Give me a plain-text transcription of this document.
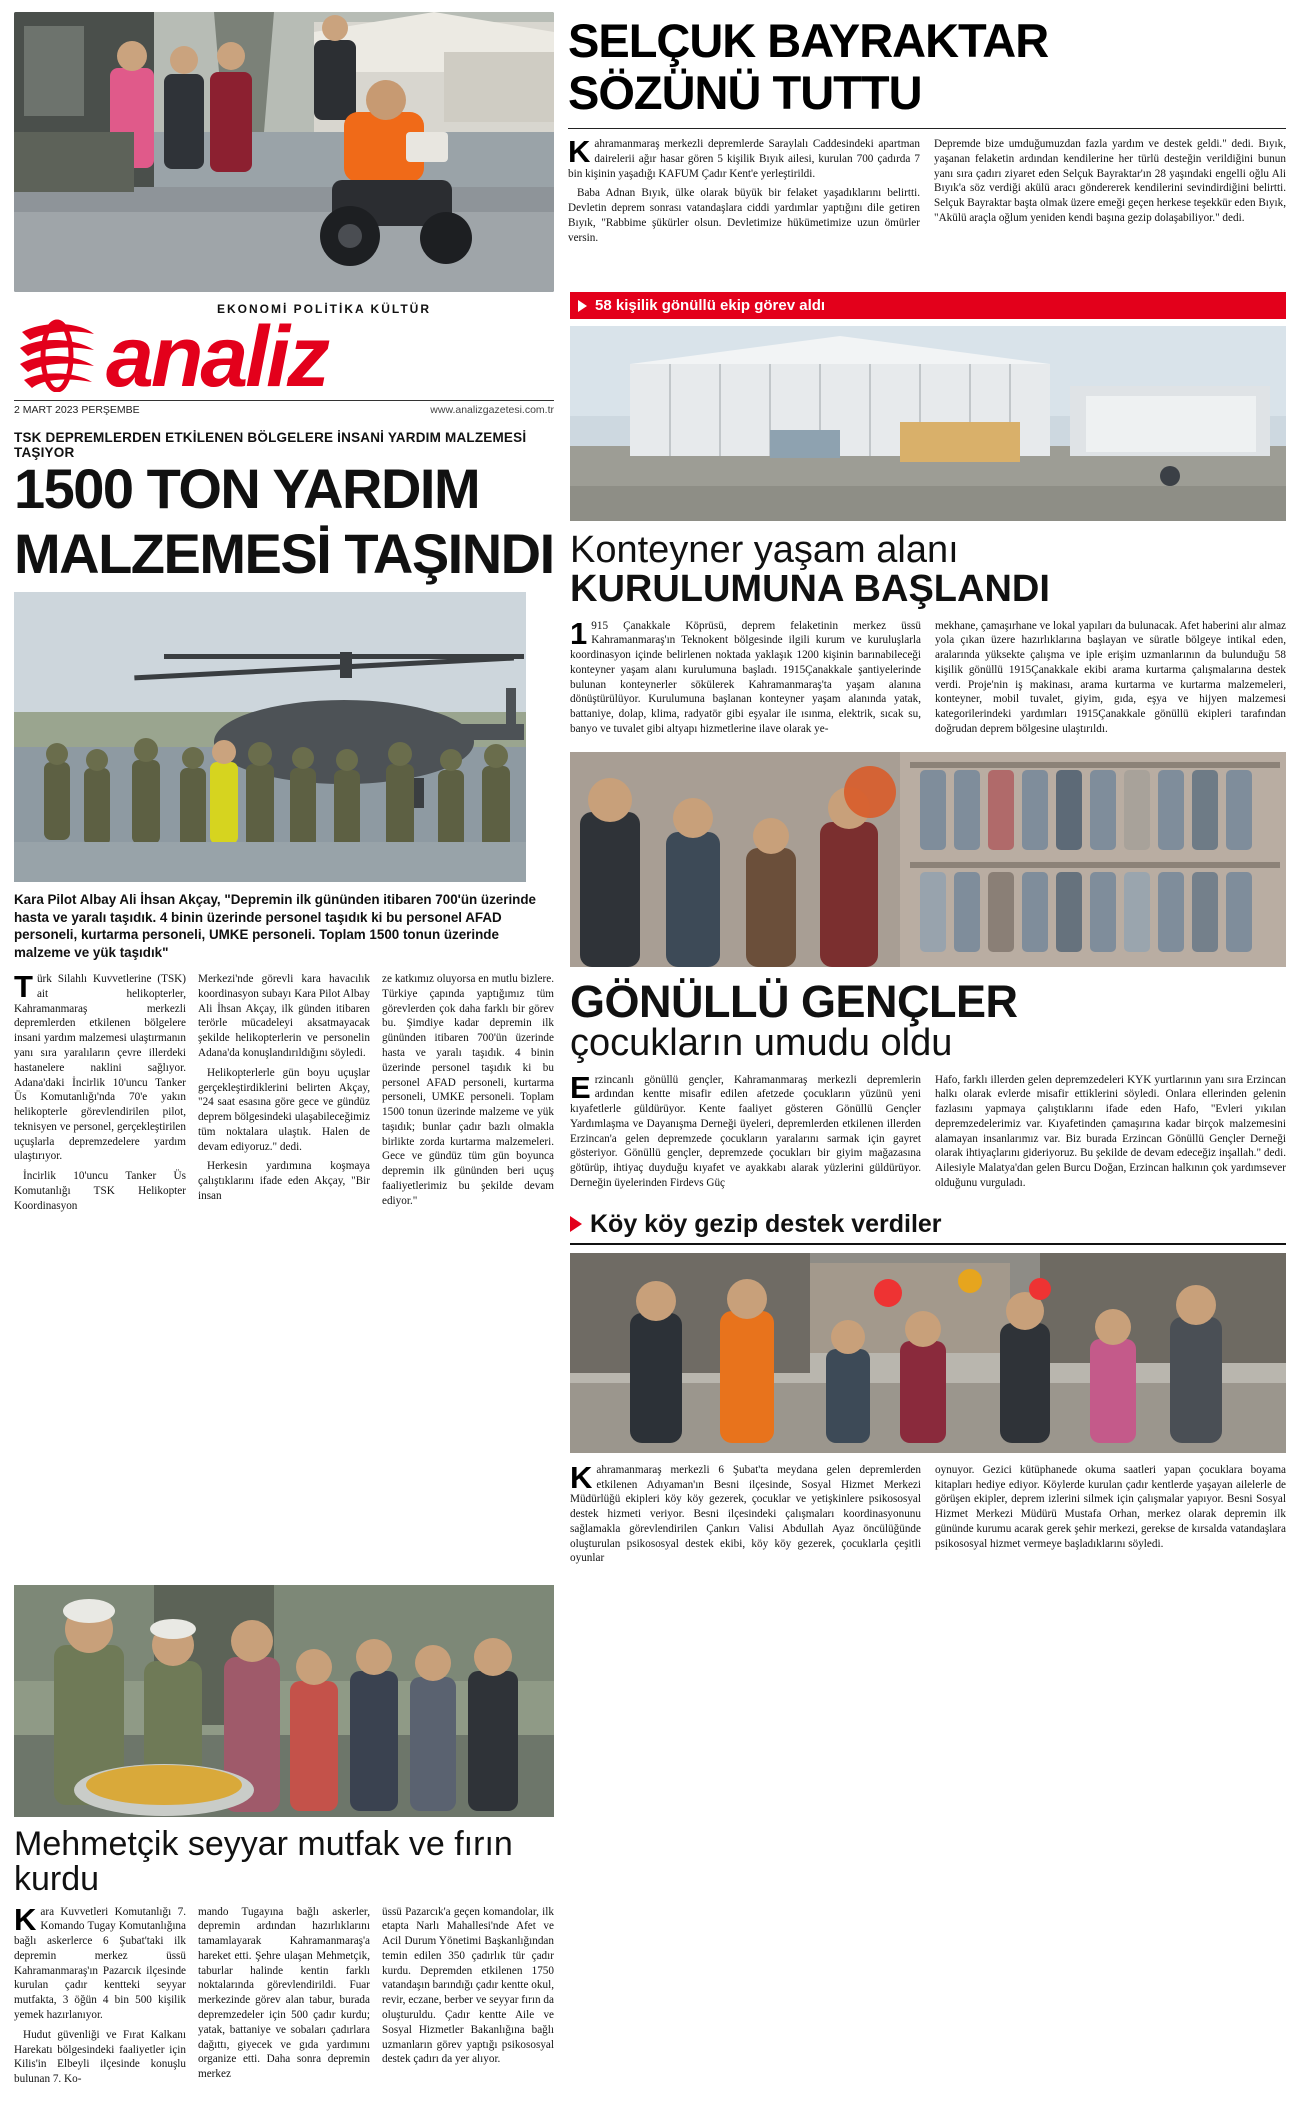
SELÇUK BAYRAKTAR
SÖZÜNÜ TUTTU

Kahramanmaraş merkezli depremlerde Saraylalı Caddesindeki apartman dairelerii ağır hasar gören 5 kişilik Bıyık ailesi, kurulan 700 çadırda 7 bin kişinin yaşadığı KAFUM Çadır Kent'e yerleştirildi.

Baba Adnan Bıyık, ülke olarak büyük bir felaket yaşadıklarını belirtti. Devletin deprem sonrası vatandaşlara ciddi yardımlar yaptığını dile getiren Bıyık, "Rabbime şükürler olsun. Devletimize hükümetimize uzun ömürler versin.

Depremde bize umduğumuzdan fazla yardım ve destek geldi." dedi. Bıyık, yaşanan felaketin ardından kendilerine her türlü desteğin verildiğini bunun yanı sıra çadırı ziyaret eden Selçuk Bayraktar'ın 28 yaşındaki engelli oğlu Ali Bıyık'a söz verdiği akülü aracı göndererek kendilerini sevindirdiğini belirtti. Selçuk Bayraktar başta olmak üzere emeği geçen herkese teşekkür eden Bıyık, "Akülü araçla oğlum yeniden kendi başına gezip dolaşabiliyor." dedi.

EKONOMİ POLİTİKA KÜLTÜR
analiz
2 MART 2023 PERŞEMBE	www.analizgazetesi.com.tr
TSK DEPREMLERDEN ETKİLENEN BÖLGELERE İNSANİ YARDIM MALZEMESİ TAŞIYOR
1500 TON YARDIM
MALZEMESİ TAŞINDI
Kara Pilot Albay Ali İhsan Akçay, "Depremin ilk gününden itibaren 700'ün üzerinde hasta ve yaralı taşıdık. 4 binin üzerinde personel taşıdık ki bu personel AFAD personeli, kurtarma personeli, UMKE personeli. Toplam 1500 tonun üzerinde malzeme ve yük taşıdık"

Türk Silahlı Kuvvetlerine (TSK) ait helikopterler, Kahramanmaraş merkezli depremlerden etkilenen bölgelere insani yardım malzemesi ulaştırmanın yanı sıra yaralıların çevre illerdeki hastanelere naklini sağlıyor. Adana'daki İncirlik 10'uncu Tanker Üs Komutanlığı'nda 70'e yakın helikopterle görevlendirilen pilot, teknisyen ve personel, gerçekleştirilen uçuşlarla depremzedelere yardım ulaştırıyor.

İncirlik 10'uncu Tanker Üs Komutanlığı TSK Helikopter Koordinasyon

Merkezi'nde görevli kara havacılık koordinasyon subayı Kara Pilot Albay Ali İhsan Akçay, ilk günden itibaren terörle mücadeleyi aksatmayacak şekilde helikopterlerin ve personelin Adana'da konuşlandırıldığını söyledi.

Helikopterlerle gün boyu uçuşlar gerçekleştirdiklerini belirten Akçay, "24 saat esasına göre gece ve gündüz deprem bölgesindeki ulaşabileceğimiz tüm noktalara ulaştık. Halen de devam ediyoruz." dedi.

Herkesin yardımına koşmaya çalıştıklarını ifade eden Akçay, "Bir insan

ze katkımız oluyorsa en mutlu bizlere. Türkiye çapında yaptığımız tüm görevlerden çok daha farklı bir görev bu. Şimdiye kadar depremin ilk gününden itibaren 700'ün üzerinde hasta ve yaralı taşıdık. 4 binin üzerinde personel taşıdık ki bu personel AFAD personeli, kurtarma personeli, UMKE personeli. Toplam 1500 tonun üzerinde malzeme ve yük taşıdık; bunlar çadır bazlı olmakla birlikte zorda kurtarma malzemeleri. Gece ve gündüz tüm gün boyunca depremin ilk gününden beri uçuş faaliyetlerimiz bu şekilde devam ediyor."

58 kişilik gönüllü ekip görev aldı
Konteyner yaşam alanı
KURULUMUNA BAŞLANDI

1 915 Çanakkale Köprüsü, deprem felaketinin merkez üssü Kahramanmaraş'ın Teknokent bölgesinde ilgili kurum ve kuruluşlarla koordinasyon içinde belirlenen noktada yaklaşık 1200 kişinin barınabileceği konteyner yaşam alanı kurulumuna başladı. 1915Çanakkale şantiyelerinde bulunan konteynerler sökülerek Kahramanmaraş'ta yaşam alanına dönüştürülüyor. Kurulumuna başlanan konteyner yaşam alanında yatak, battaniye, dolap, klima, radyatör gibi eşyalar ile ısınma, elektrik, sıcak su, banyo ve tuvalet gibi altyapı hizmetlerine ilave olarak ye-

mekhane, çamaşırhane ve lokal yapıları da bulunacak. Afet haberini alır almaz yola çıkan üzere hazırlıklarına başlayan ve süratle bölgeye intikal eden, aralarında yüksekte çalışma ve iple erişim uzmanlarının da bulunduğu 58 kişilik gönüllü 1915Çanakkale ekibi arama kurtarma çalışmalarına destek verdi. Proje'nin iş makinası, arama kurtarma ve kurtarma malzemeleri, konteyner, mobil tuvalet, giyim, gıda, eşya ve hijyen malzemesi kategorilerindeki yardımları 1915Çanakkale gönüllü ekipleri tarafından doğrudan deprem bölgesine ulaştırıldı.

GÖNÜLLÜ GENÇLER
çocukların umudu oldu

Erzincanlı gönüllü gençler, Kahramanmaraş merkezli depremlerin ardından kentte misafir edilen afetzede çocukların yüzünü yeni kıyafetlerle güldürüyor. Kente faaliyet gösteren Gönüllü Gençler Yardımlaşma ve Dayanışma Derneği üyeleri, depremlerden etkilenen illerden Erzincan'a gelen depremzede çocukların yaralarını sarmak için gayret gösteriyor. Gönüllü gençler, depremzede çocukları bir giyim mağazasına götürüp, ihtiyaç duyduğu kıyafet ve ayakkabı alarak yüzlerini güldürüyor. Derneğin üyelerinden Firdevs Güç

Hafo, farklı illerden gelen depremzedeleri KYK yurtlarının yanı sıra Erzincan halkı olarak evlerde misafir ettiklerini söyledi. Onlara ellerinden gelenin fazlasını yapmaya çalıştıklarını ifade eden Hafo, "Evleri yıkılan depremzedelerimiz var. Kıyafetinden çamaşırına kadar birçok malzemesini alamayan insanlarımız var. Biz burada Erzincan Gönüllü Gençler Derneği olarak ihtiyaçlarını gideriyoruz. Bu şekilde de devam edeceğiz inşallah." dedi. Ailesiyle Malatya'dan gelen Burcu Doğan, Erzincan halkının çok yardımsever olduğunu vurguladı.

Köy köy gezip destek verdiler

Kahramanmaraş merkezli 6 Şubat'ta meydana gelen depremlerden etkilenen Adıyaman'ın Besni ilçesinde, Sosyal Hizmet Merkezi Müdürlüğü ekipleri köy köy gezerek, çocuklar ve yetişkinlere psikososyal destek hizmeti veriyor. Besni ilçesindeki çalışmaları koordinasyonunu sağlamakla görevlendirilen Çankırı Valisi Abdullah Ayaz öncülüğünde oluşturulan psikososyal destek ekibi, köy köy gezerek, çocuklarla çeşitli oyunlar

oynuyor. Gezici kütüphanede okuma saatleri yapan çocuklara boyama kitapları hediye ediyor. Köylerde kurulan çadır kentlerde yaşayan ailelerle de görüşen ekipler, deprem izlerini silmek için çalışmalar yapıyor. Besni Sosyal Hizmet Merkezi Müdürü Mustafa Orhan, merkez olarak depremin ilk gününde kurumu acarak gerek şehir merkezi, gerekse de kırsalda vatandaşlara psikososyal hizmet vermeye başladıklarını söyledi.

Mehmetçik seyyar mutfak ve fırın kurdu

Kara Kuvvetleri Komutanlığı 7. Komando Tugay Komutanlığına bağlı askerlerce 6 Şubat'taki ilk depremin merkez üssü Kahramanmaraş'ın Pazarcık ilçesinde kurulan çadır kentteki seyyar mutfakta, 3 öğün 4 bin 500 kişilik yemek hazırlanıyor.

Hudut güvenliği ve Fırat Kalkanı Harekatı bölgesindeki faaliyetler için Kilis'in Elbeyli ilçesinde konuşlu bulunan 7. Ko-

mando Tugayına bağlı askerler, depremin ardından hazırlıklarını tamamlayarak Kahramanmaraş'a hareket etti. Şehre ulaşan Mehmetçik, taburlar halinde kentin farklı noktalarında görevlendirildi. Fuar merkezinde görev alan tabur, burada depremzedeler için 500 çadır kurdu; yatak, battaniye ve sobaları çadırlara dağıttı, giyecek ve gıda yardımını organize etti. Daha sonra depremin merkez

üssü Pazarcık'a geçen komandolar, ilk etapta Narlı Mahallesi'nde Afet ve Acil Durum Yönetimi Başkanlığından temin edilen 350 çadırlık tür çadır kurdu. Depremden etkilenen 1750 vatandaşın barındığı çadır kentte okul, revir, eczane, berber ve seyyar fırın da oluşturuldu. Çadır kentte Aile ve Sosyal Hizmetler Bakanlığına bağlı uzmanların görev yaptığı psikososyal destek çadırı da yer alıyor.
